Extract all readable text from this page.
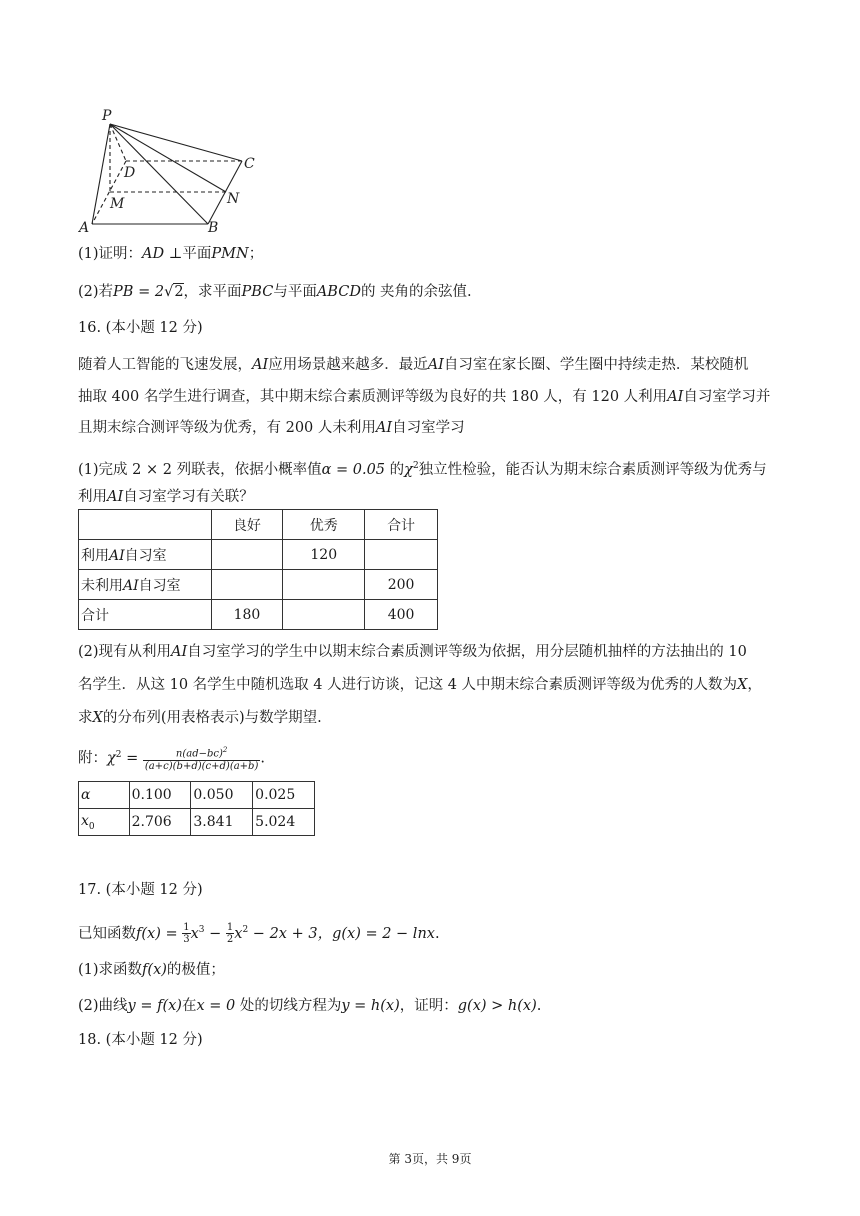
P
C
D
N
M
A	B
(1)证明：AD ⊥平面PMN；
(2)若PB = 2√2，求平面PBC与平面ABCD的 夹角的余弦值.
16. (本小题 12 分)
随着人工智能的飞速发展，AI应用场景越来越多．最近AI自习室在家长圈、学生圈中持续走热．某校随机
抽取 400 名学生进行调查，其中期末综合素质测评等级为良好的共 180 人，有 120 人利用AI自习室学习并
且期末综合测评等级为优秀，有 200 人未利用AI自习室学习
(1)完成 2 × 2 列联表，依据小概率值α = 0.05 的$\chi^2$独立性检验，能否认为期末综合素质测评等级为优秀与
利用AI自习室学习有关联？
	良好	优秀	合计
利用AI自习室		120	
未利用AI自习室			200
合计	180		400
(2)现有从利用AI自习室学习的学生中以期末综合素质测评等级为依据，用分层随机抽样的方法抽出的 10
名学生．从这 10 名学生中随机选取 4 人进行访谈，记这 4 人中期末综合素质测评等级为优秀的人数为X，
求X的分布列(用表格表示)与数学期望.
附：$\chi^2 = \frac{n(ad-bc)^2}{(a+c)(b+d)(c+d)(a+b)}$ .
α	0.100	0.050	0.025
$x_0$	2.706	3.841	5.024
17. (本小题 12 分)
已知函数$f(x) = \frac{1}{3} x^3 - \frac{1}{2} x^2 - 2x + 3$，g(x) = 2 − lnx.
(1)求函数f(x)的极值；
(2)曲线y = f(x)在x = 0 处的切线方程为y = h(x)，证明：g(x) > h(x).
18. (本小题 12 分)
第 3页，共 9页
